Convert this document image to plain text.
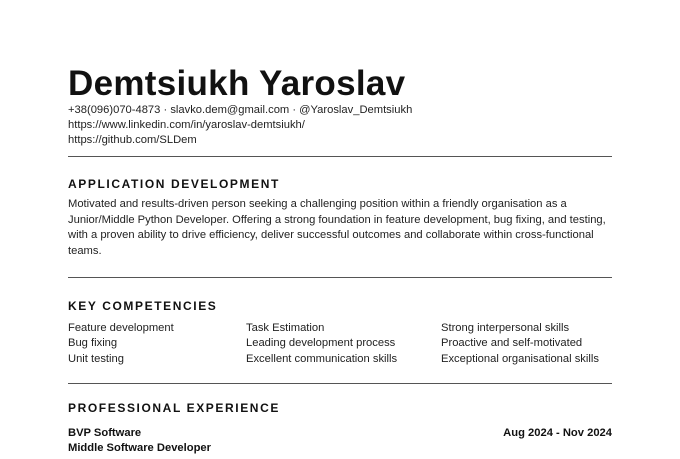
Demtsiukh Yaroslav
+38(096)070-4873 · slavko.dem@gmail.com · @Yaroslav_Demtsiukh
https://www.linkedin.com/in/yaroslav-demtsiukh/
https://github.com/SLDem
APPLICATION DEVELOPMENT

Motivated and results-driven person seeking a challenging position within a friendly organisation as a Junior/Middle Python Developer. Offering a strong foundation in feature development, bug fixing, and testing, with a proven ability to drive efficiency, deliver successful outcomes and collaborate within cross-functional teams.

KEY COMPETENCIES
Feature development	Task Estimation	Strong interpersonal skills
Bug fixing	Leading development process	Proactive and self-motivated
Unit testing	Excellent communication skills	Exceptional organisational skills
PROFESSIONAL EXPERIENCE
BVP Software	Aug 2024 - Nov 2024
Middle Software Developer
